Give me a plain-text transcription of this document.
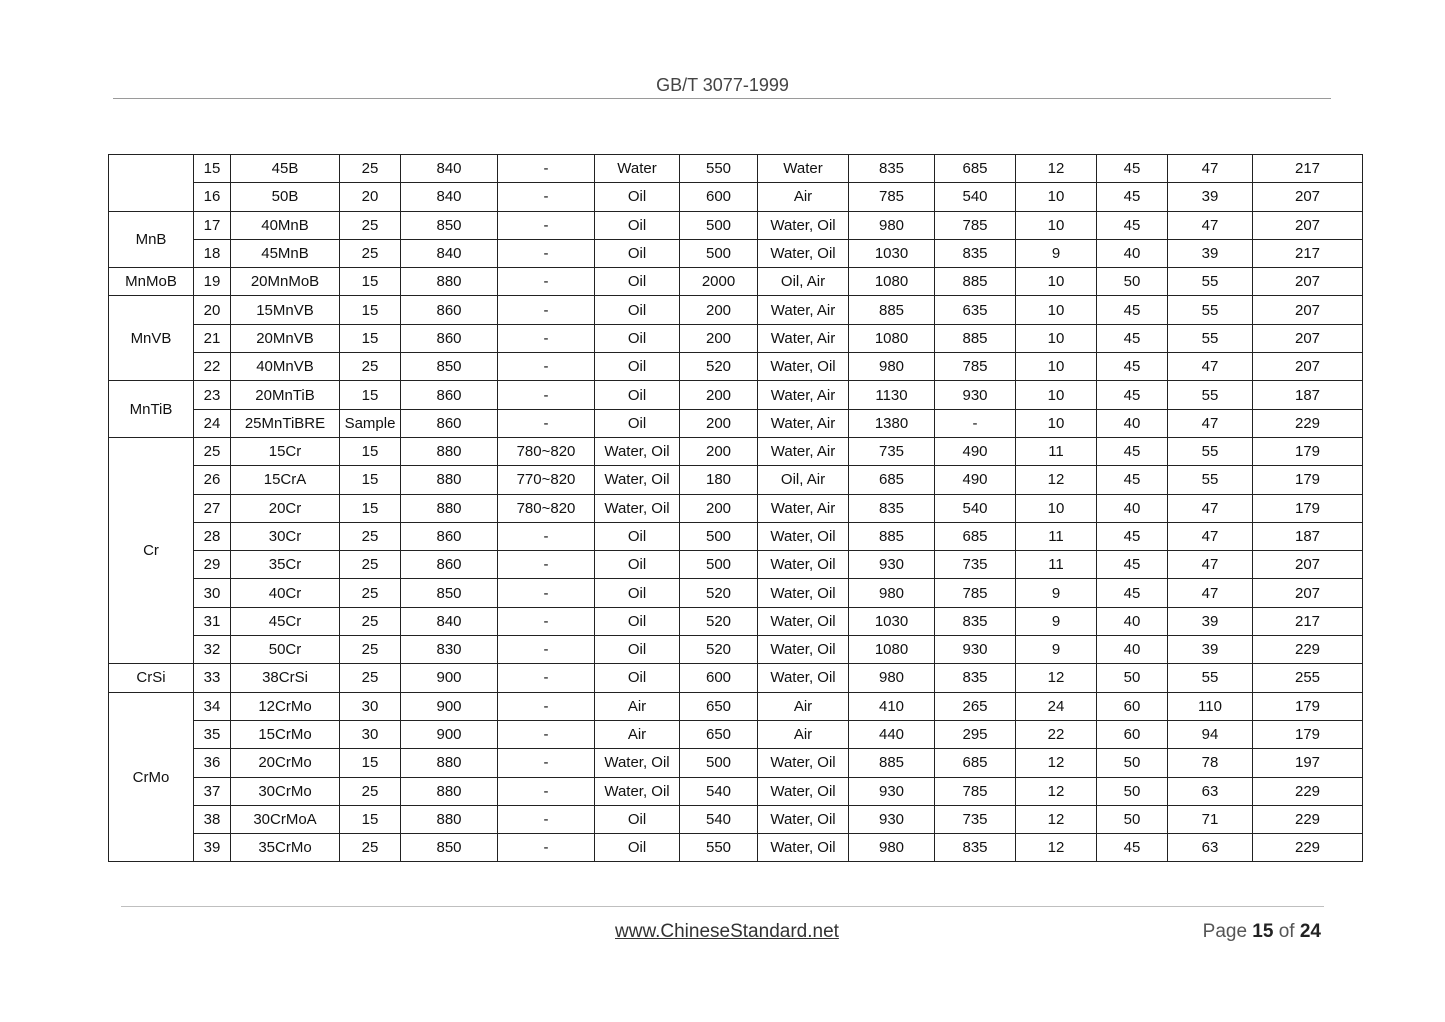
GB/T 3077-1999
	15	45B	25	840	-	Water	550	Water	835	685	12	45	47	217
	16	50B	20	840	-	Oil	600	Air	785	540	10	45	39	207
MnB	17	40MnB	25	850	-	Oil	500	Water, Oil	980	785	10	45	47	207
	18	45MnB	25	840	-	Oil	500	Water, Oil	1030	835	9	40	39	217
MnMoB	19	20MnMoB	15	880	-	Oil	2000	Oil, Air	1080	885	10	50	55	207
MnVB	20	15MnVB	15	860	-	Oil	200	Water, Air	885	635	10	45	55	207
	21	20MnVB	15	860	-	Oil	200	Water, Air	1080	885	10	45	55	207
	22	40MnVB	25	850	-	Oil	520	Water, Oil	980	785	10	45	47	207
MnTiB	23	20MnTiB	15	860	-	Oil	200	Water, Air	1130	930	10	45	55	187
	24	25MnTiBRE	Sample	860	-	Oil	200	Water, Air	1380	-	10	40	47	229
Cr	25	15Cr	15	880	780~820	Water, Oil	200	Water, Air	735	490	11	45	55	179
	26	15CrA	15	880	770~820	Water, Oil	180	Oil, Air	685	490	12	45	55	179
	27	20Cr	15	880	780~820	Water, Oil	200	Water, Air	835	540	10	40	47	179
	28	30Cr	25	860	-	Oil	500	Water, Oil	885	685	11	45	47	187
	29	35Cr	25	860	-	Oil	500	Water, Oil	930	735	11	45	47	207
	30	40Cr	25	850	-	Oil	520	Water, Oil	980	785	9	45	47	207
	31	45Cr	25	840	-	Oil	520	Water, Oil	1030	835	9	40	39	217
	32	50Cr	25	830	-	Oil	520	Water, Oil	1080	930	9	40	39	229
CrSi	33	38CrSi	25	900	-	Oil	600	Water, Oil	980	835	12	50	55	255
CrMo	34	12CrMo	30	900	-	Air	650	Air	410	265	24	60	110	179
	35	15CrMo	30	900	-	Air	650	Air	440	295	22	60	94	179
	36	20CrMo	15	880	-	Water, Oil	500	Water, Oil	885	685	12	50	78	197
	37	30CrMo	25	880	-	Water, Oil	540	Water, Oil	930	785	12	50	63	229
	38	30CrMoA	15	880	-	Oil	540	Water, Oil	930	735	12	50	71	229
	39	35CrMo	25	850	-	Oil	550	Water, Oil	980	835	12	45	63	229
www.ChineseStandard.net	Page 15 of 24
